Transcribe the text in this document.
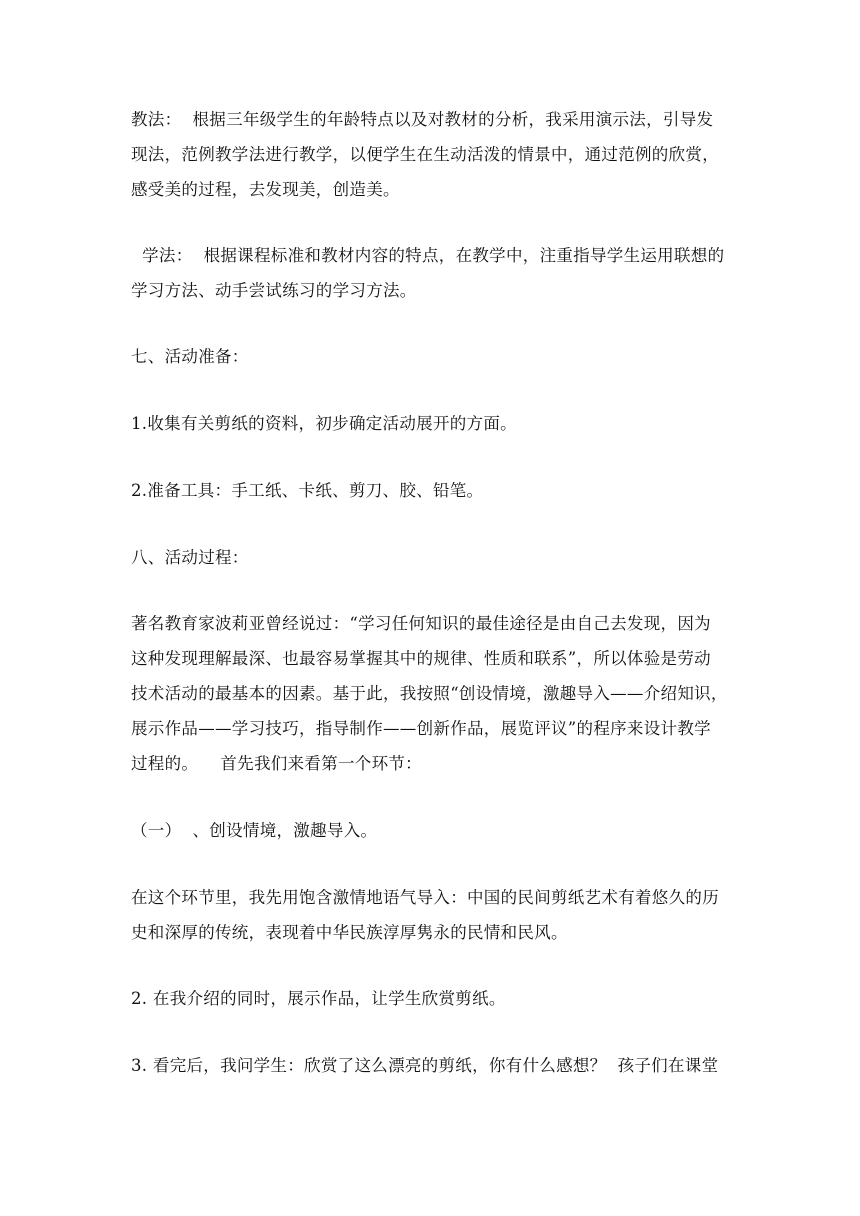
教法：  根据三年级学生的年龄特点以及对教材的分析，我采用演示法，引导发
现法，范例教学法进行教学，以便学生在生动活泼的情景中，通过范例的欣赏，
感受美的过程，去发现美，创造美。
学法：  根据课程标准和教材内容的特点，在教学中，注重指导学生运用联想的
学习方法、动手尝试练习的学习方法。
七、活动准备：
1.收集有关剪纸的资料，初步确定活动展开的方面。
2.准备工具：手工纸、卡纸、剪刀、胶、铅笔。
八、活动过程：
著名教育家波莉亚曾经说过：“学习任何知识的最佳途径是由自己去发现，因为
这种发现理解最深、也最容易掌握其中的规律、性质和联系”，所以体验是劳动
技术活动的最基本的因素。基于此，我按照“创设情境，激趣导入——介绍知识，
展示作品——学习技巧，指导制作——创新作品，展览评议”的程序来设计教学
过程的。    首先我们来看第一个环节：
（一）  、创设情境，激趣导入。
在这个环节里，我先用饱含激情地语气导入：中国的民间剪纸艺术有着悠久的历
史和深厚的传统，表现着中华民族淳厚隽永的民情和民风。
2. 在我介绍的同时，展示作品，让学生欣赏剪纸。
3. 看完后，我问学生：欣赏了这么漂亮的剪纸，你有什么感想？  孩子们在课堂
